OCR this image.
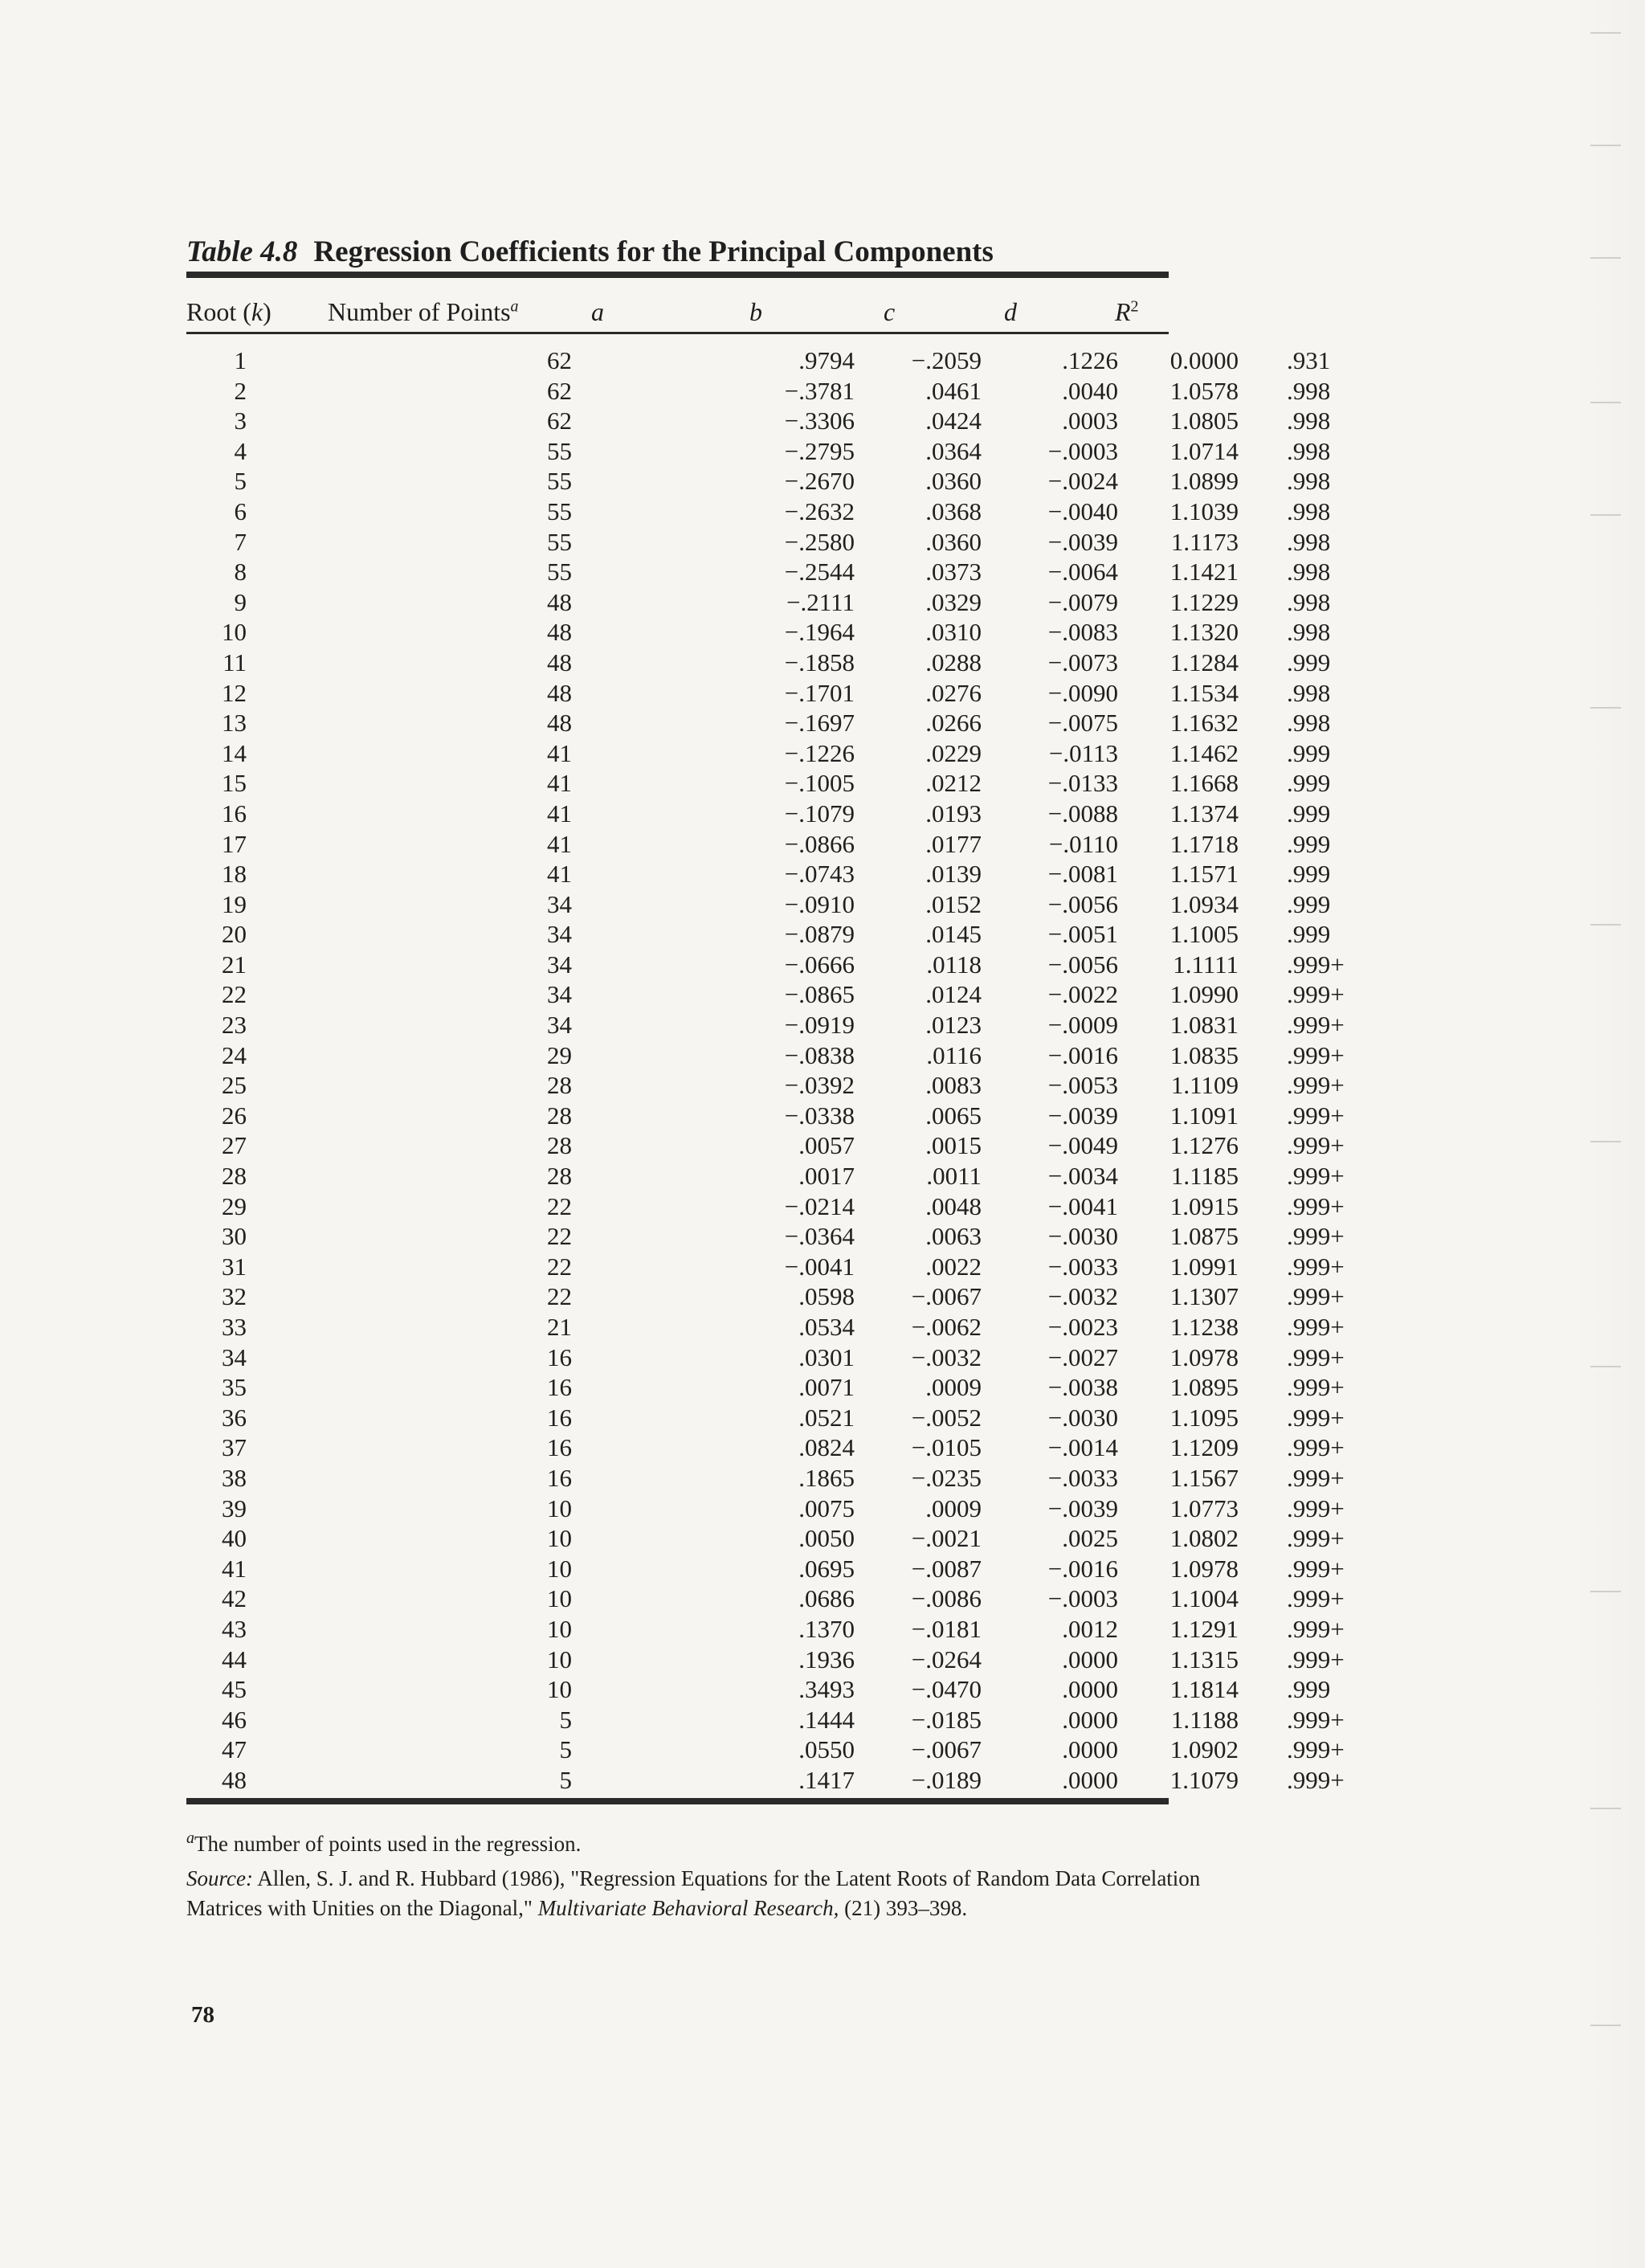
Table 4.8 Regression Coefficients for the Principal Components
Root (k) Number of Points$^a$	a	b	c	d	$R^2$
1	62	.9794	−.2059	.1226	0.0000	.931
2	62	−.3781	.0461	.0040	1.0578	.998
3	62	−.3306	.0424	.0003	1.0805	.998
4	55	−.2795	.0364	−.0003	1.0714	.998
5	55	−.2670	.0360	−.0024	1.0899	.998
6	55	−.2632	.0368	−.0040	1.1039	.998
7	55	−.2580	.0360	−.0039	1.1173	.998
8	55	−.2544	.0373	−.0064	1.1421	.998
9	48	−.2111	.0329	−.0079	1.1229	.998
10	48	−.1964	.0310	−.0083	1.1320	.998
11	48	−.1858	.0288	−.0073	1.1284	.999
12	48	−.1701	.0276	−.0090	1.1534	.998
13	48	−.1697	.0266	−.0075	1.1632	.998
14	41	−.1226	.0229	−.0113	1.1462	.999
15	41	−.1005	.0212	−.0133	1.1668	.999
16	41	−.1079	.0193	−.0088	1.1374	.999
17	41	−.0866	.0177	−.0110	1.1718	.999
18	41	−.0743	.0139	−.0081	1.1571	.999
19	34	−.0910	.0152	−.0056	1.0934	.999
20	34	−.0879	.0145	−.0051	1.1005	.999
21	34	−.0666	.0118	−.0056	1.1111	.999+
22	34	−.0865	.0124	−.0022	1.0990	.999+
23	34	−.0919	.0123	−.0009	1.0831	.999+
24	29	−.0838	.0116	−.0016	1.0835	.999+
25	28	−.0392	.0083	−.0053	1.1109	.999+
26	28	−.0338	.0065	−.0039	1.1091	.999+
27	28	.0057	.0015	−.0049	1.1276	.999+
28	28	.0017	.0011	−.0034	1.1185	.999+
29	22	−.0214	.0048	−.0041	1.0915	.999+
30	22	−.0364	.0063	−.0030	1.0875	.999+
31	22	−.0041	.0022	−.0033	1.0991	.999+
32	22	.0598	−.0067	−.0032	1.1307	.999+
33	21	.0534	−.0062	−.0023	1.1238	.999+
34	16	.0301	−.0032	−.0027	1.0978	.999+
35	16	.0071	.0009	−.0038	1.0895	.999+
36	16	.0521	−.0052	−.0030	1.1095	.999+
37	16	.0824	−.0105	−.0014	1.1209	.999+
38	16	.1865	−.0235	−.0033	1.1567	.999+
39	10	.0075	.0009	−.0039	1.0773	.999+
40	10	.0050	−.0021	.0025	1.0802	.999+
41	10	.0695	−.0087	−.0016	1.0978	.999+
42	10	.0686	−.0086	−.0003	1.1004	.999+
43	10	.1370	−.0181	.0012	1.1291	.999+
44	10	.1936	−.0264	.0000	1.1315	.999+
45	10	.3493	−.0470	.0000	1.1814	.999
46	5	.1444	−.0185	.0000	1.1188	.999+
47	5	.0550	−.0067	.0000	1.0902	.999+
48	5	.1417	−.0189	.0000	1.1079	.999+
$^a$The number of points used in the regression.
Source: Allen, S. J. and R. Hubbard (1986), "Regression Equations for the Latent Roots of Random Data Correlation Matrices with Unities on the Diagonal," Multivariate Behavioral Research, (21) 393–398.
78
